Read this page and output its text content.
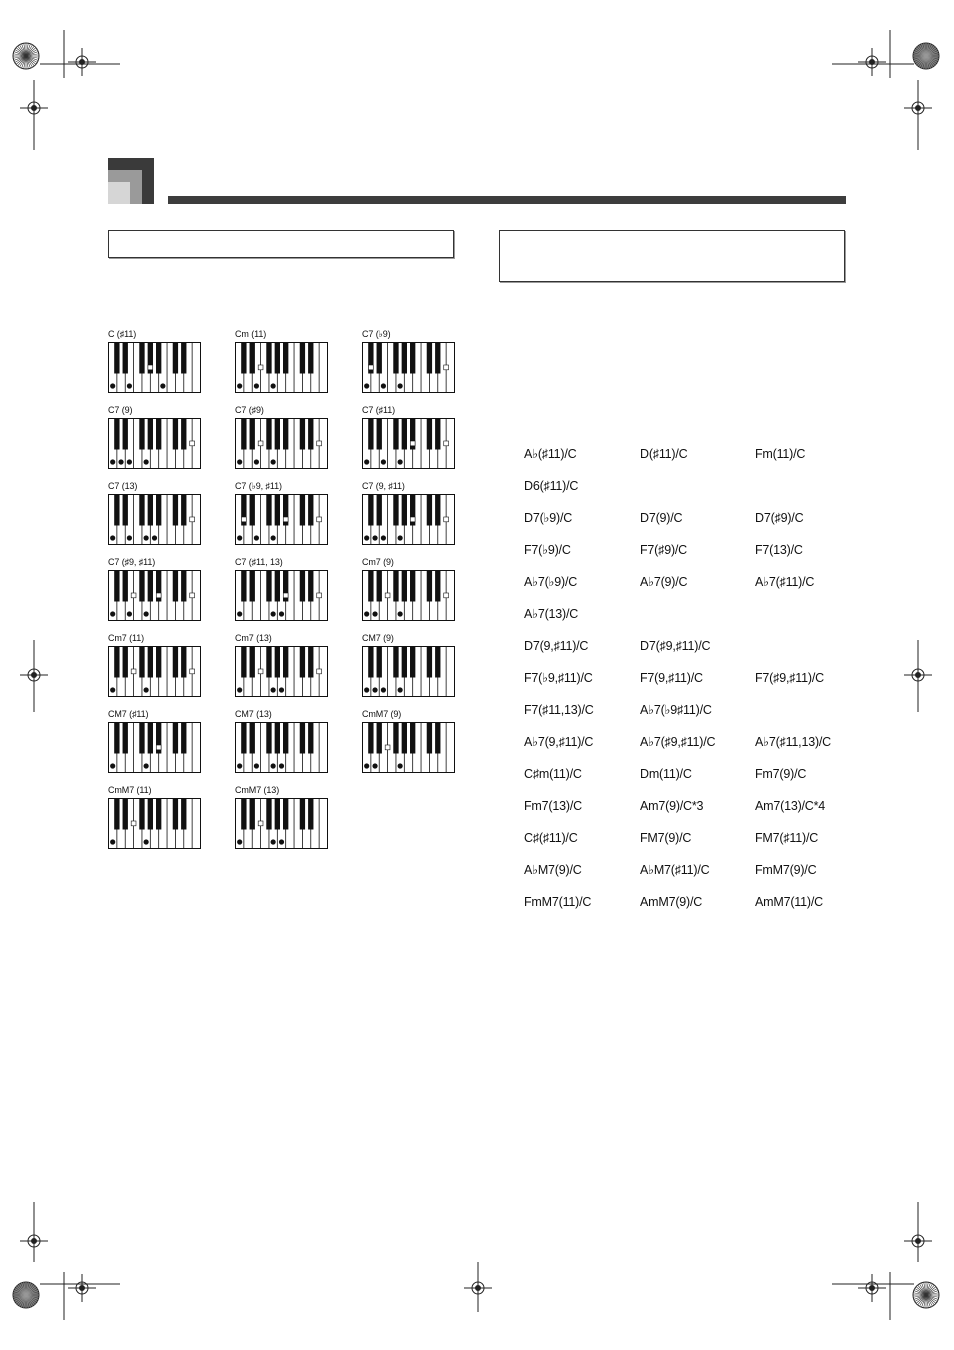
C (♯11)	Cm (11)	C7 (♭9)
C7 (9)	C7 (♯9)	C7 (♯11)
C7 (13)	C7 (♭9, ♯11)	C7 (9, ♯11)
C7 (♯9, ♯11)	C7 (♯11, 13)	Cm7 (9)
Cm7 (11)	Cm7 (13)	CM7 (9)
CM7 (♯11)	CM7 (13)	CmM7 (9)
CmM7 (11)	CmM7 (13)
A♭(♯11)/C	D(♯11)/C	Fm(11)/C
D6(♯11)/C
D7(♭9)/C	D7(9)/C	D7(♯9)/C
F7(♭9)/C	F7(♯9)/C	F7(13)/C
A♭7(♭9)/C	A♭7(9)/C	A♭7(♯11)/C
A♭7(13)/C
D7(9,♯11)/C	D7(♯9,♯11)/C
F7(♭9,♯11)/C	F7(9,♯11)/C	F7(♯9,♯11)/C
F7(♯11,13)/C	A♭7(♭9♯11)/C
A♭7(9,♯11)/C	A♭7(♯9,♯11)/C	A♭7(♯11,13)/C
C♯m(11)/C	Dm(11)/C	Fm7(9)/C
Fm7(13)/C	Am7(9)/C*3	Am7(13)/C*4
C♯(♯11)/C	FM7(9)/C	FM7(♯11)/C
A♭M7(9)/C	A♭M7(♯11)/C	FmM7(9)/C
FmM7(11)/C	AmM7(9)/C	AmM7(11)/C
